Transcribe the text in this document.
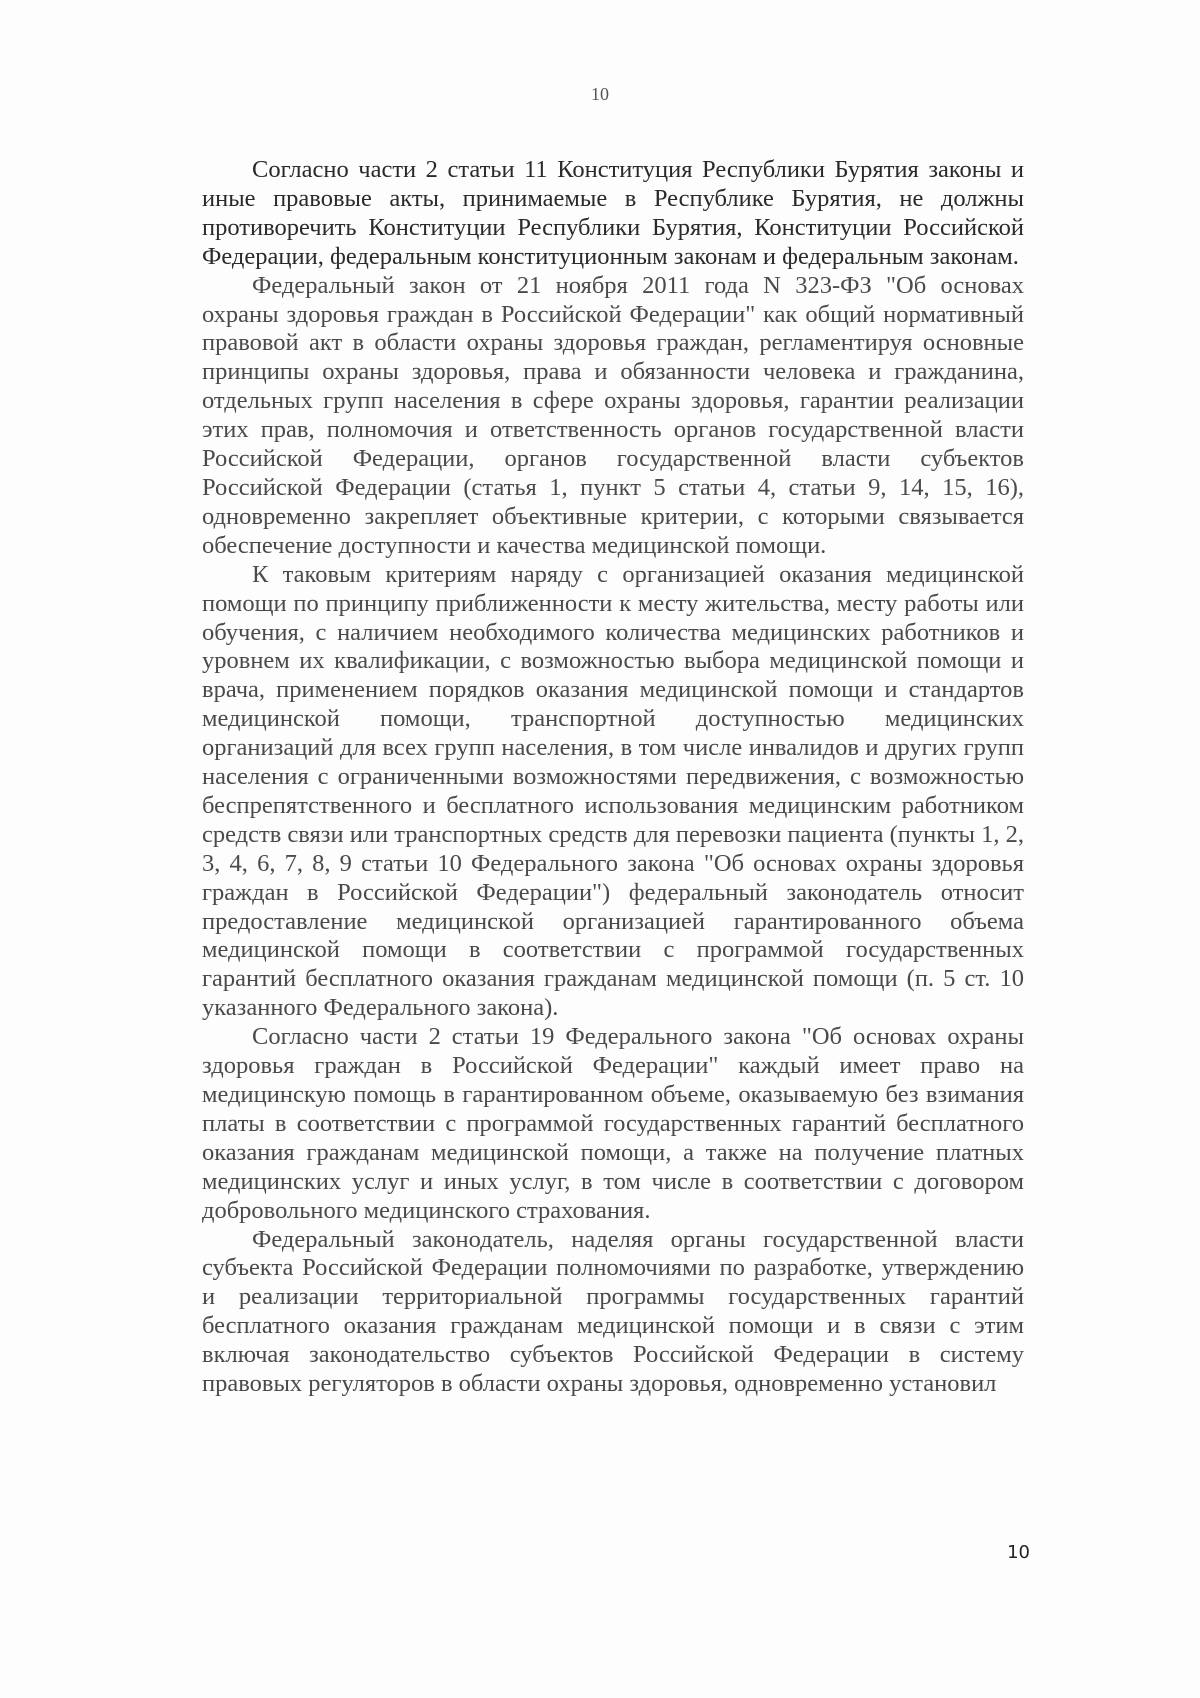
10

Согласно части 2 статьи 11 Конституция Республики Бурятия законы и иные правовые акты, принимаемые в Республике Бурятия, не должны противоречить Конституции Республики Бурятия, Конституции Российской Федерации, федеральным конституционным законам и федеральным законам.

Федеральный закон от 21 ноября 2011 года N 323-ФЗ "Об основах охраны здоровья граждан в Российской Федерации" как общий нормативный правовой акт в области охраны здоровья граждан, регламентируя основные принципы охраны здоровья, права и обязанности человека и гражданина, отдельных групп населения в сфере охраны здоровья, гарантии реализации этих прав, полномочия и ответственность органов государственной власти Российской Федерации, органов государственной власти субъектов Российской Федерации (статья 1, пункт 5 статьи 4, статьи 9, 14, 15, 16), одновременно закрепляет объективные критерии, с которыми связывается обеспечение доступности и качества медицинской помощи.

К таковым критериям наряду с организацией оказания медицинской помощи по принципу приближенности к месту жительства, месту работы или обучения, с наличием необходимого количества медицинских работников и уровнем их квалификации, с возможностью выбора медицинской помощи и врача, применением порядков оказания медицинской помощи и стандартов медицинской помощи, транспортной доступностью медицинских организаций для всех групп населения, в том числе инвалидов и других групп населения с ограниченными возможностями передвижения, с возможностью беспрепятственного и бесплатного использования медицинским работником средств связи или транспортных средств для перевозки пациента (пункты 1, 2, 3, 4, 6, 7, 8, 9 статьи 10 Федерального закона "Об основах охраны здоровья граждан в Российской Федерации") федеральный законодатель относит предоставление медицинской организацией гарантированного объема медицинской помощи в соответствии с программой государственных гарантий бесплатного оказания гражданам медицинской помощи (п. 5 ст. 10 указанного Федерального закона).

Согласно части 2 статьи 19 Федерального закона "Об основах охраны здоровья граждан в Российской Федерации" каждый имеет право на медицинскую помощь в гарантированном объеме, оказываемую без взимания платы в соответствии с программой государственных гарантий бесплатного оказания гражданам медицинской помощи, а также на получение платных медицинских услуг и иных услуг, в том числе в соответствии с договором добровольного медицинского страхования.

Федеральный законодатель, наделяя органы государственной власти субъекта Российской Федерации полномочиями по разработке, утверждению и реализации территориальной программы государственных гарантий бесплатного оказания гражданам медицинской помощи и в связи с этим включая законодательство субъектов Российской Федерации в систему правовых регуляторов в области охраны здоровья, одновременно установил

10
